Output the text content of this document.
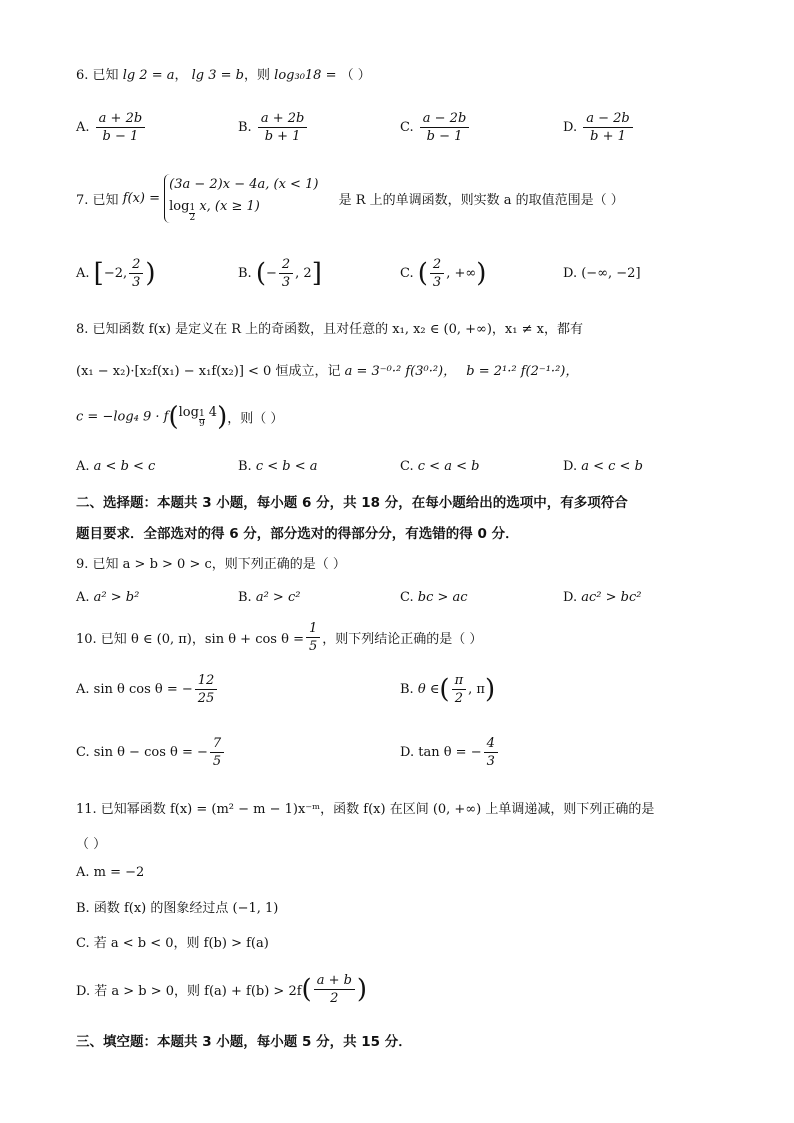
6. 已知 lg 2 = a， lg 3 = b，则 log₃₀18 = （ ）
A. $\frac{a + 2b}{b - 1}$	B. $\frac{a + 2b}{b + 1}$	C. $\frac{a - 2b}{b - 1}$	D. $\frac{a - 2b}{b + 1}$
7. 已知 f(x) =
(3a − 2)x − 4a, (x < 1)
log $_{\frac{1}{2}}$ x, (x ≥ 1)	是 R 上的单调函数，则实数 a 的取值范围是（ ）
A. [−2, $\frac{2}{3}$ )	B. (− $\frac{2}{3}$ , 2]	C. ( $\frac{2}{3}$ , +∞)	D. (−∞, −2]
8. 已知函数 f(x) 是定义在 R 上的奇函数，且对任意的 x₁, x₂ ∈ (0, +∞)，x₁ ≠ x，都有
(x₁ − x₂)·[x₂f(x₁) − x₁f(x₂)] < 0 恒成立，记 a = 3⁻⁰·² f(3⁰·²)， b = 2¹·² f(2⁻¹·²)，
c = −log₄ 9 · f(log $_{\frac{1}{9}}$ 4)，则（ ）
A. a < b < c	B. c < b < a	C. c < a < b	D. a < c < b
二、选择题：本题共 3 小题，每小题 6 分，共 18 分，在每小题给出的选项中，有多项符合
题目要求．全部选对的得 6 分，部分选对的得部分分，有选错的得 0 分．
9. 已知 a > b > 0 > c，则下列正确的是（ ）
A. a² > b²	B. a² > c²	C. bc > ac	D. ac² > bc²
10. 已知 θ ∈ (0, π)，$\sin \theta + \cos \theta = \frac{1}{5}$ ，则下列结论正确的是（ ）
A. sin θ cos θ = − $\frac{12}{25}$	B. θ ∈( $\frac{\pi}{2}$ , π)
C. sin θ − cos θ = − $\frac{7}{5}$	D. tan θ = − $\frac{4}{3}$
11. 已知幂函数 f(x) = (m² − m − 1)x⁻ᵐ，函数 f(x) 在区间 (0, +∞) 上单调递减，则下列正确的是
（ ）
A. m = −2
B. 函数 f(x) 的图象经过点 (−1, 1)
C. 若 a < b < 0，则 f(b) > f(a)
D. 若 a > b > 0，则 $f(a) + f(b) > 2f( \frac{a + b}{2}$ )
三、填空题：本题共 3 小题，每小题 5 分，共 15 分．
